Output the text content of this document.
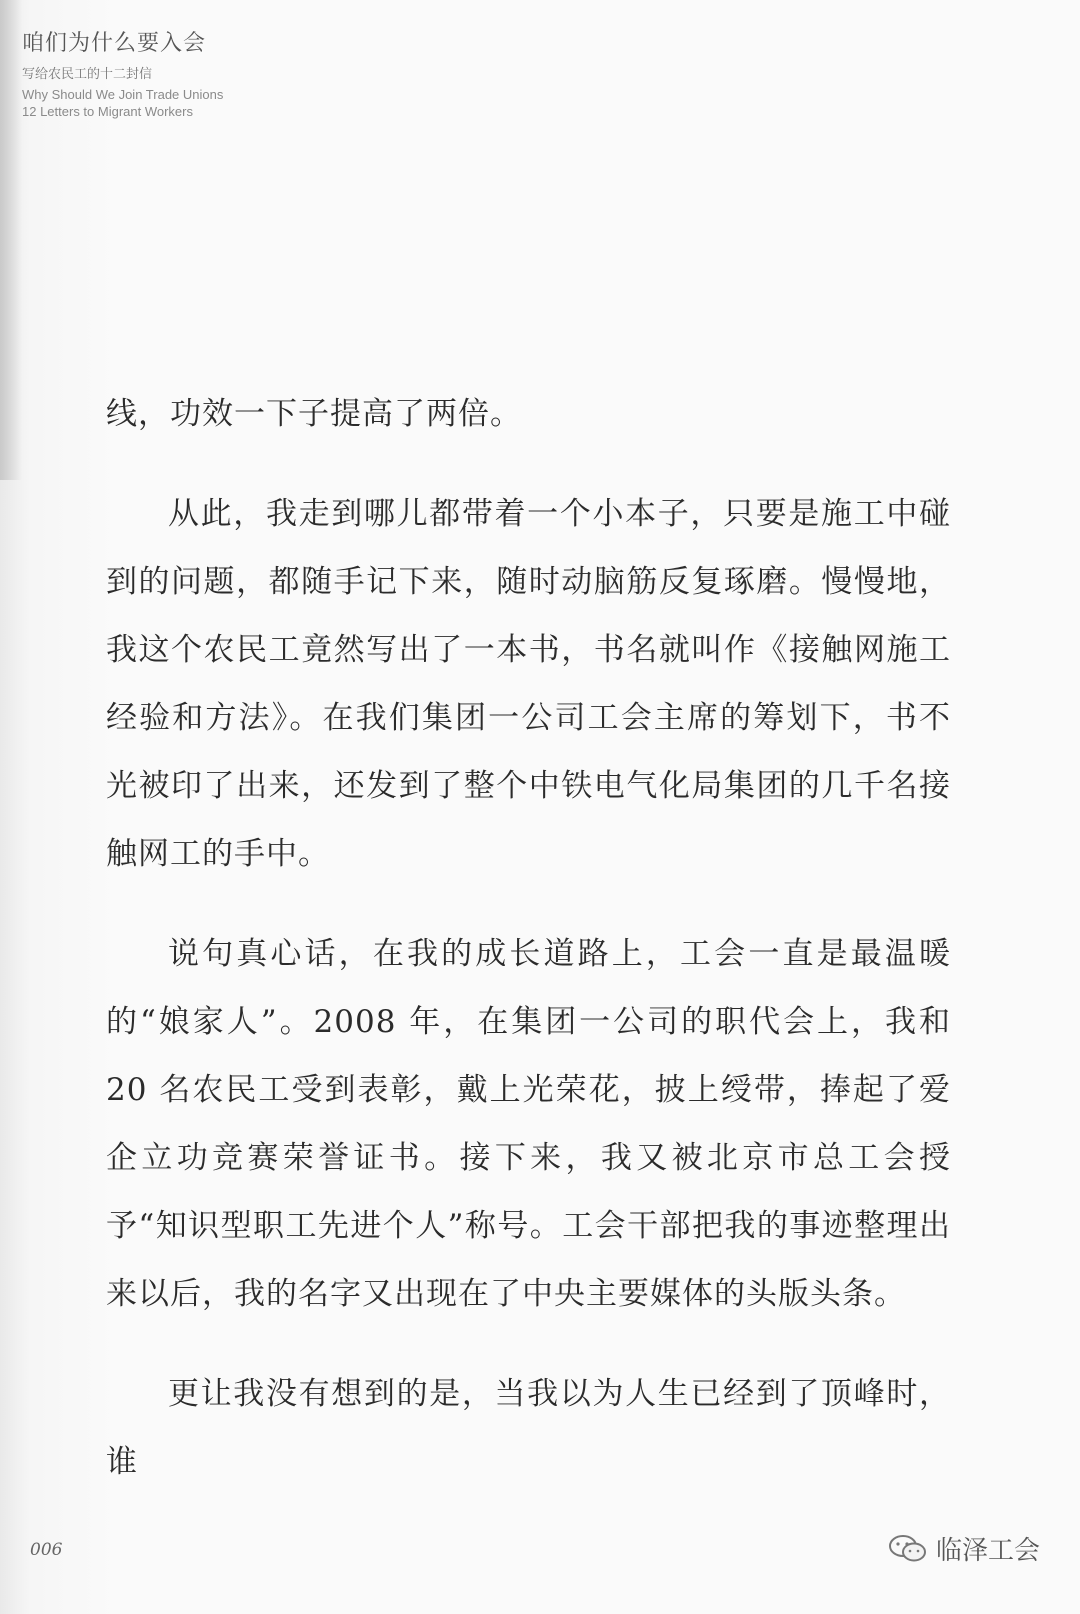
咱们为什么要入会
写给农民工的十二封信
Why Should We Join Trade Unions
12 Letters to Migrant Workers

线，功效一下子提高了两倍。

从此，我走到哪儿都带着一个小本子，只要是施工中碰到的问题，都随手记下来，随时动脑筋反复琢磨。慢慢地，我这个农民工竟然写出了一本书，书名就叫作《接触网施工经验和方法》。在我们集团一公司工会主席的筹划下，书不光被印了出来，还发到了整个中铁电气化局集团的几千名接触网工的手中。

说句真心话，在我的成长道路上，工会一直是最温暖的“娘家人”。2008 年，在集团一公司的职代会上，我和 20 名农民工受到表彰，戴上光荣花，披上绶带，捧起了爱企立功竞赛荣誉证书。接下来，我又被北京市总工会授予“知识型职工先进个人”称号。工会干部把我的事迹整理出来以后，我的名字又出现在了中央主要媒体的头版头条。

更让我没有想到的是，当我以为人生已经到了顶峰时，谁

006	临泽工会
